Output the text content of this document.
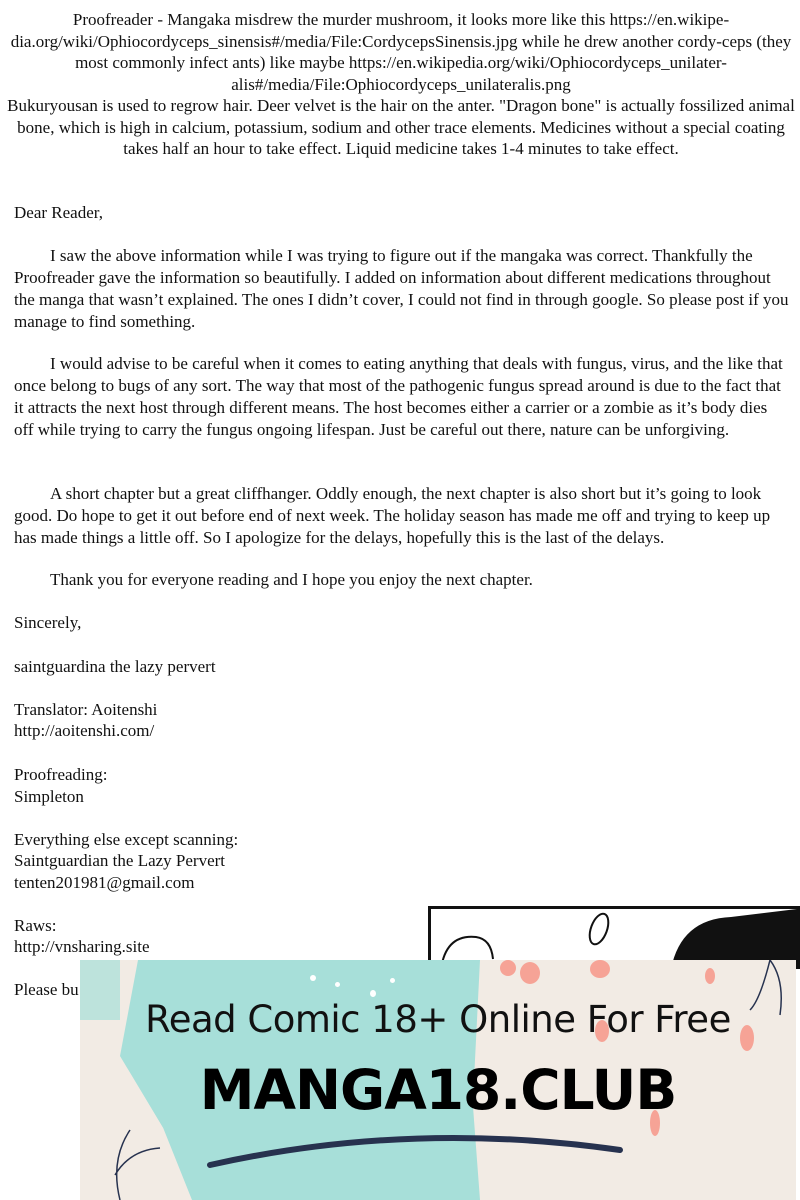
Proofreader - Mangaka misdrew the murder mushroom, it looks more like this https://en.wikipe-dia.org/wiki/Ophiocordyceps_sinensis#/media/File:CordycepsSinensis.jpg while he drew another cordy-ceps (they most commonly infect ants) like maybe https://en.wikipedia.org/wiki/Ophiocordyceps_unilater-alis#/media/File:Ophiocordyceps_unilateralis.png
Bukuryousan is used to regrow hair. Deer velvet is the hair on the anter. "Dragon bone" is actually fossilized animal bone, which is high in calcium, potassium, sodium and other trace elements. Medicines without a special coating takes half an hour to take effect. Liquid medicine takes 1-4 minutes to take effect.

Dear Reader,

I saw the above information while I was trying to figure out if the mangaka was correct. Thankfully the Proofreader gave the information so beautifully. I added on information about different medications throughout the manga that wasn’t explained. The ones I didn’t cover, I could not find in through google. So please post if you manage to find something.

I would advise to be careful when it comes to eating anything that deals with fungus, virus, and the like that once belong to bugs of any sort. The way that most of the pathogenic fungus spread around is due to the fact that it attracts the next host through different means. The host becomes either a carrier or a zombie as it’s body dies off while trying to carry the fungus ongoing lifespan. Just be careful out there, nature can be unforgiving.

A short chapter but a great cliffhanger. Oddly enough, the next chapter is also short but it’s going to look good. Do hope to get it out before end of next week. The holiday season has made me off and trying to keep up has made things a little off. So I apologize for the delays, hopefully this is the last of the delays.

Thank you for everyone reading and I hope you enjoy the next chapter.

Sincerely,

saintguardina the lazy pervert

Translator: Aoitenshi

http://aoitenshi.com/

Proofreading:

Simpleton

Everything else except scanning:

Saintguardian the Lazy Pervert

tenten201981@gmail.com

Raws:

http://vnsharing.site

Please bu

Read Comic 18+ Online For Free
MANGA18.CLUB
